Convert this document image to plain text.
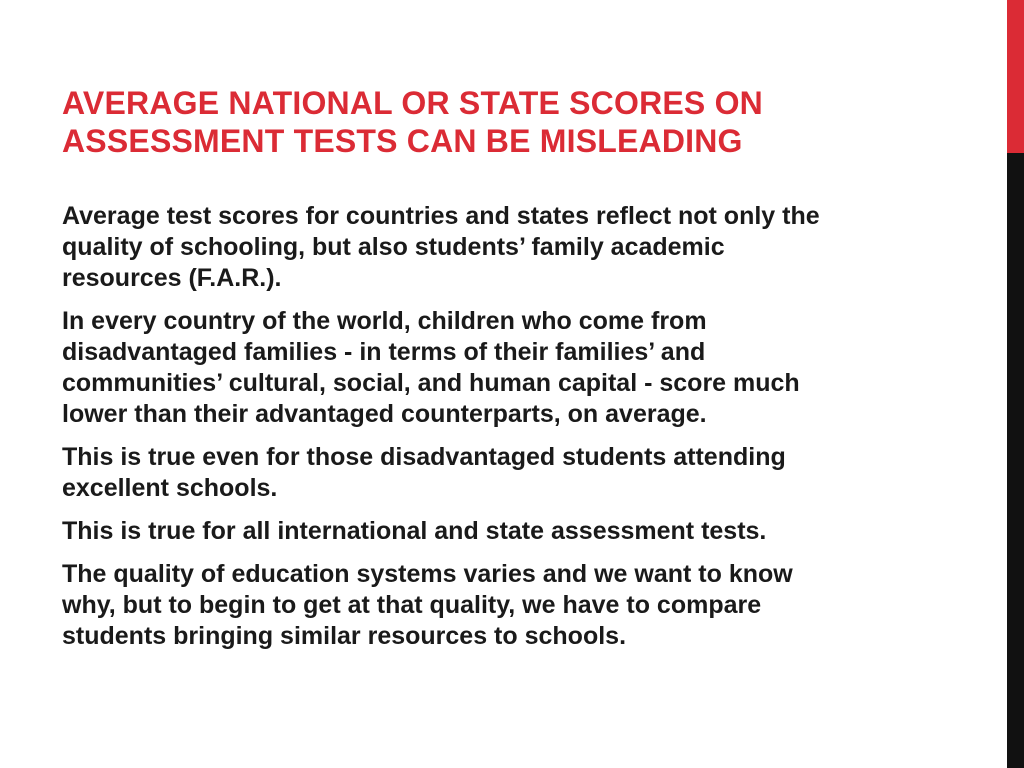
AVERAGE NATIONAL OR STATE SCORES ON
ASSESSMENT TESTS CAN BE MISLEADING

Average test scores for countries and states reflect not only the
quality of schooling, but also students’ family academic
resources (F.A.R.).

In every country of the world, children who come from
disadvantaged families - in terms of their families’ and
communities’ cultural, social, and human capital - score much
lower than their advantaged counterparts, on average.

This is true even for those disadvantaged students attending
excellent schools.

This is true for all international and state assessment tests.

The quality of education systems varies and we want to know
why, but to begin to get at that quality, we have to compare
students bringing similar resources to schools.
